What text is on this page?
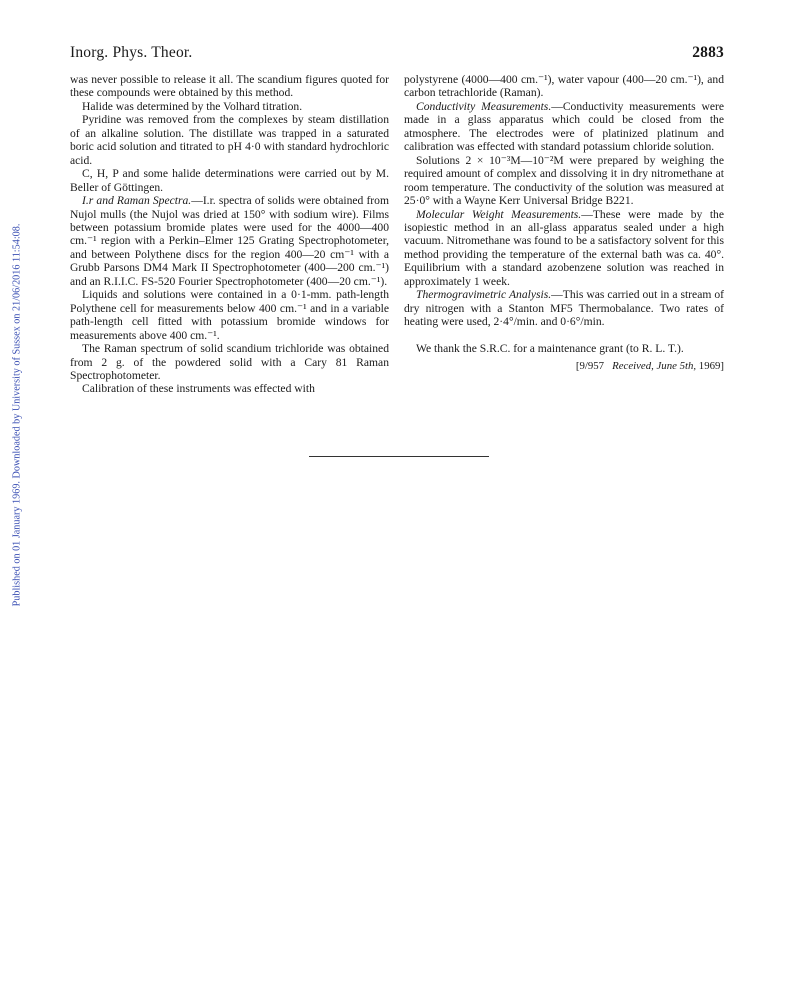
Inorg. Phys. Theor.	2883
Published on 01 January 1969. Downloaded by University of Sussex on 21/06/2016 11:54:08.

was never possible to release it all. The scandium figures quoted for these compounds were obtained by this method.

Halide was determined by the Volhard titration.

Pyridine was removed from the complexes by steam distillation of an alkaline solution. The distillate was trapped in a saturated boric acid solution and titrated to pH 4·0 with standard hydrochloric acid.

C, H, P and some halide determinations were carried out by M. Beller of Göttingen.

I.r and Raman Spectra.—I.r. spectra of solids were obtained from Nujol mulls (the Nujol was dried at 150° with sodium wire). Films between potassium bromide plates were used for the 4000—400 cm.⁻¹ region with a Perkin–Elmer 125 Grating Spectrophotometer, and between Polythene discs for the region 400—20 cm⁻¹ with a Grubb Parsons DM4 Mark II Spectrophotometer (400—200 cm.⁻¹) and an R.I.I.C. FS-520 Fourier Spectrophotometer (400—20 cm.⁻¹).

Liquids and solutions were contained in a 0·1-mm. path-length Polythene cell for measurements below 400 cm.⁻¹ and in a variable path-length cell fitted with potassium bromide windows for measurements above 400 cm.⁻¹.

The Raman spectrum of solid scandium trichloride was obtained from 2 g. of the powdered solid with a Cary 81 Raman Spectrophotometer.

Calibration of these instruments was effected with

polystyrene (4000—400 cm.⁻¹), water vapour (400—20 cm.⁻¹), and carbon tetrachloride (Raman).

Conductivity Measurements.—Conductivity measurements were made in a glass apparatus which could be closed from the atmosphere. The electrodes were of platinized platinum and calibration was effected with standard potassium chloride solution.

Solutions 2 × 10⁻³M—10⁻²M were prepared by weighing the required amount of complex and dissolving it in dry nitromethane at room temperature. The conductivity of the solution was measured at 25·0° with a Wayne Kerr Universal Bridge B221.

Molecular Weight Measurements.—These were made by the isopiestic method in an all-glass apparatus sealed under a high vacuum. Nitromethane was found to be a satisfactory solvent for this method providing the temperature of the external bath was ca. 40°. Equilibrium with a standard azobenzene solution was reached in approximately 1 week.

Thermogravimetric Analysis.—This was carried out in a stream of dry nitrogen with a Stanton MF5 Thermobalance. Two rates of heating were used, 2·4°/min. and 0·6°/min.

We thank the S.R.C. for a maintenance grant (to R. L. T.).

[9/957 Received, June 5th, 1969]
